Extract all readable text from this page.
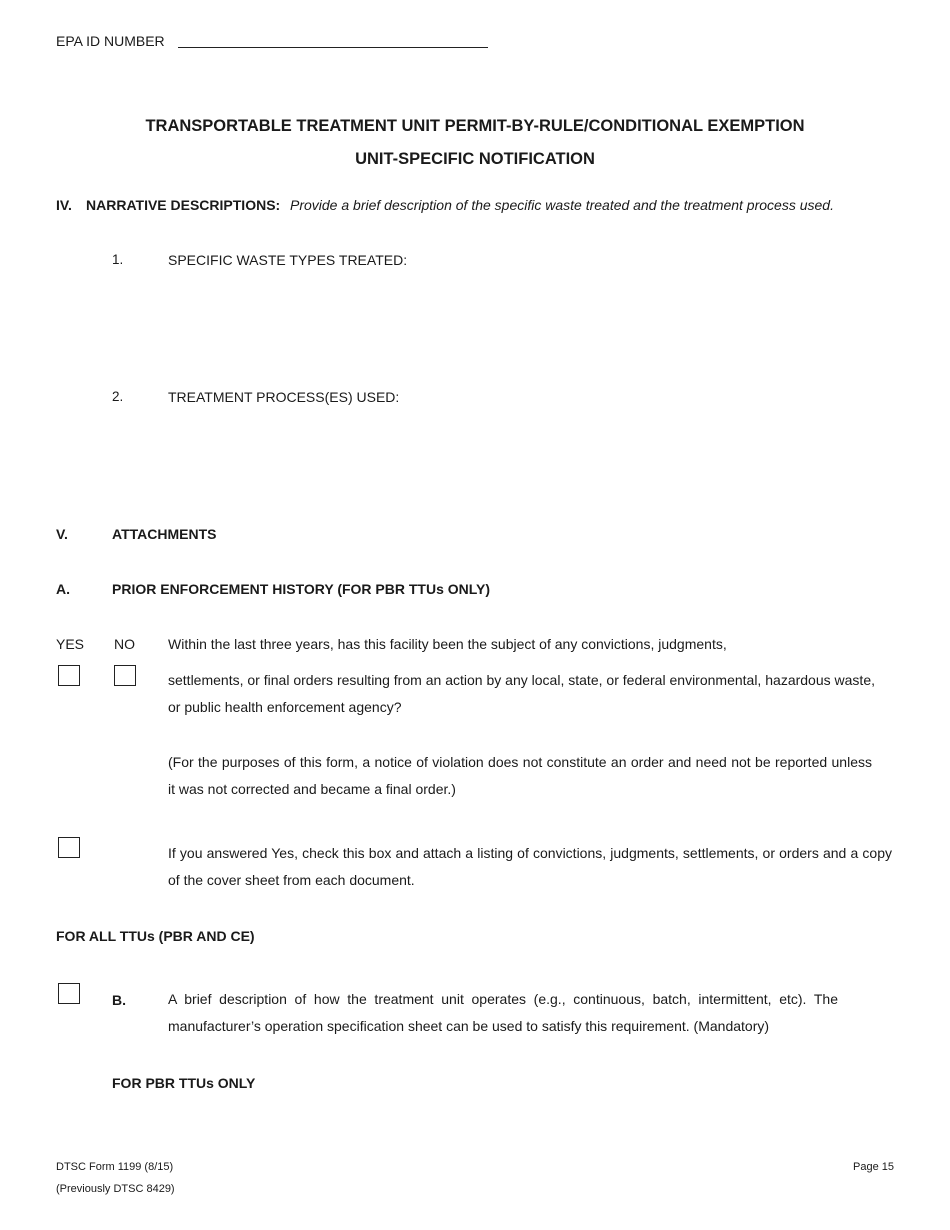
EPA ID NUMBER
TRANSPORTABLE TREATMENT UNIT PERMIT-BY-RULE/CONDITIONAL EXEMPTION
UNIT-SPECIFIC NOTIFICATION
IV. NARRATIVE DESCRIPTIONS: Provide a brief description of the specific waste treated and the treatment process used.
1.	SPECIFIC WASTE TYPES TREATED:
2.	TREATMENT PROCESS(ES) USED:
V.	ATTACHMENTS
A.	PRIOR ENFORCEMENT HISTORY (FOR PBR TTUs ONLY)
YES NO Within the last three years, has this facility been the subject of any convictions, judgments,
settlements, or final orders resulting from an action by any local, state, or federal environmental, hazardous waste, or public health enforcement agency?
(For the purposes of this form, a notice of violation does not constitute an order and need not be reported unless it was not corrected and became a final order.)
If you answered Yes, check this box and attach a listing of convictions, judgments, settlements, or orders and a copy of the cover sheet from each document.
FOR ALL TTUs (PBR AND CE)
B.	A brief description of how the treatment unit operates (e.g., continuous, batch, intermittent, etc). The manufacturer’s operation specification sheet can be used to satisfy this requirement. (Mandatory)
FOR PBR TTUs ONLY
DTSC Form 1199 (8/15)
(Previously DTSC 8429)
Page 15
